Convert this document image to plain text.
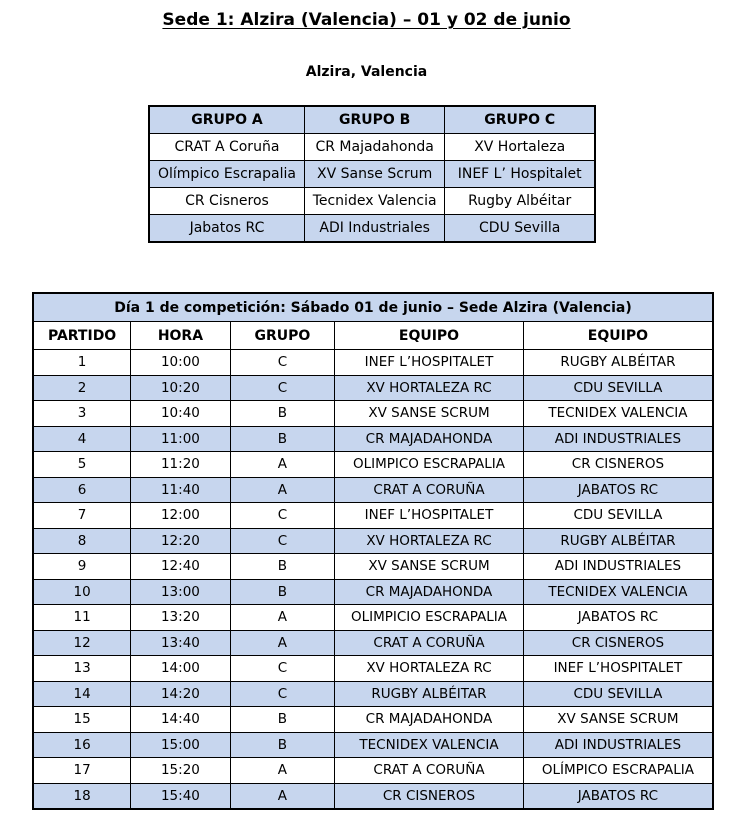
Sede 1: Alzira (Valencia) – 01 y 02 de junio
Alzira, Valencia
GRUPO A	GRUPO B	GRUPO C
CRAT A Coruña	CR Majadahonda	XV Hortaleza
Olímpico Escrapalia	XV Sanse Scrum	INEF L’ Hospitalet
CR Cisneros	Tecnidex Valencia	Rugby Albéitar
Jabatos RC	ADI Industriales	CDU Sevilla
Día 1 de competición: Sábado 01 de junio – Sede Alzira (Valencia)				
PARTIDO	HORA	GRUPO	EQUIPO	EQUIPO
1	10:00	C	INEF L’HOSPITALET	RUGBY ALBÉITAR
2	10:20	C	XV HORTALEZA RC	CDU SEVILLA
3	10:40	B	XV SANSE SCRUM	TECNIDEX VALENCIA
4	11:00	B	CR MAJADAHONDA	ADI INDUSTRIALES
5	11:20	A	OLIMPICO ESCRAPALIA	CR CISNEROS
6	11:40	A	CRAT A CORUÑA	JABATOS RC
7	12:00	C	INEF L’HOSPITALET	CDU SEVILLA
8	12:20	C	XV HORTALEZA RC	RUGBY ALBÉITAR
9	12:40	B	XV SANSE SCRUM	ADI INDUSTRIALES
10	13:00	B	CR MAJADAHONDA	TECNIDEX VALENCIA
11	13:20	A	OLIMPICIO ESCRAPALIA	JABATOS RC
12	13:40	A	CRAT A CORUÑA	CR CISNEROS
13	14:00	C	XV HORTALEZA RC	INEF L’HOSPITALET
14	14:20	C	RUGBY ALBÉITAR	CDU SEVILLA
15	14:40	B	CR MAJADAHONDA	XV SANSE SCRUM
16	15:00	B	TECNIDEX VALENCIA	ADI INDUSTRIALES
17	15:20	A	CRAT A CORUÑA	OLÍMPICO ESCRAPALIA
18	15:40	A	CR CISNEROS	JABATOS RC
